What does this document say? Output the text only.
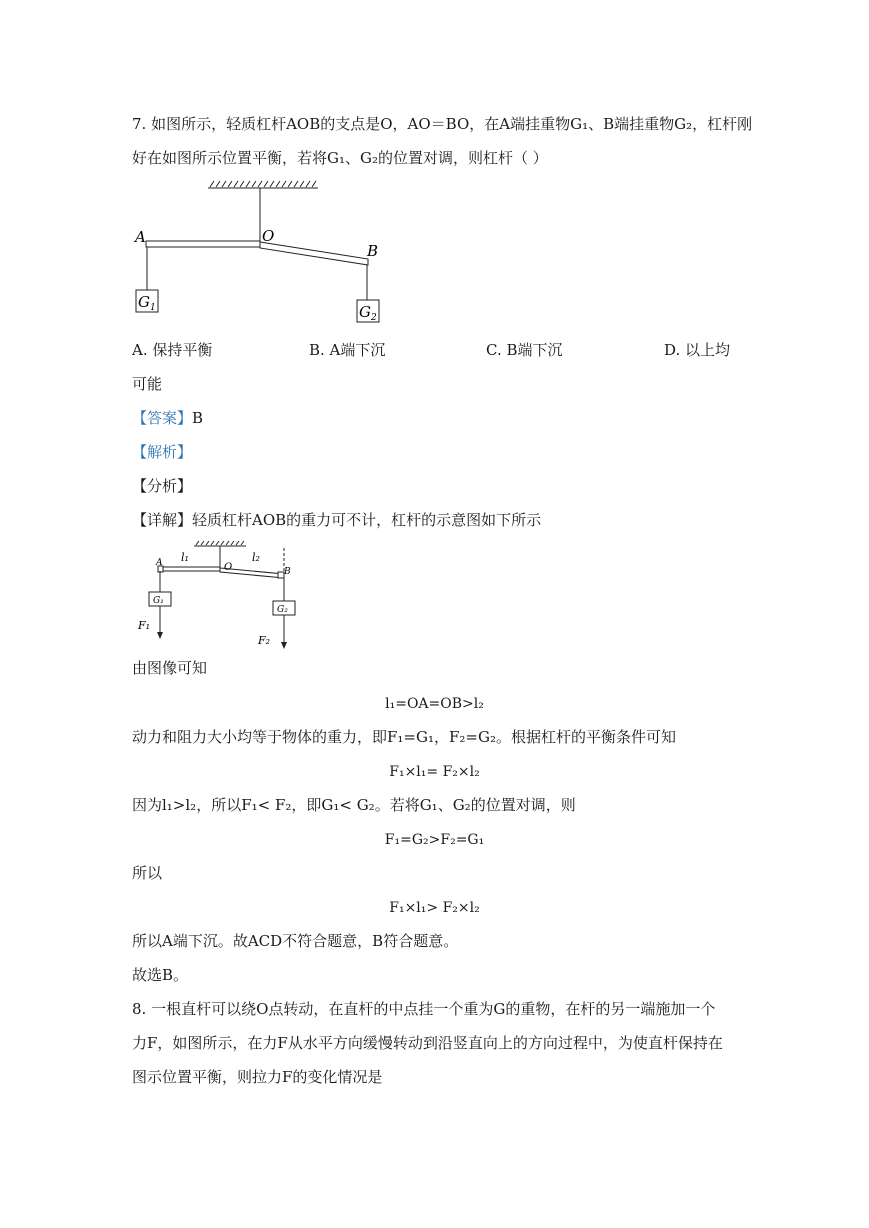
7. 如图所示，轻质杠杆AOB的支点是O，AO＝BO，在A端挂重物G₁、B端挂重物G₂，杠杆刚
好在如图所示位置平衡，若将G₁、G₂的位置对调，则杠杆（ ）
A	O
B
$G_1$	$G_2$
A. 保持平衡	B. A端下沉	C. B端下沉	D. 以上均
可能
【答案】B
【解析】
【分析】
【详解】轻质杠杆AOB的重力可不计，杠杆的示意图如下所示
A	O	B
l₁	l₂
G₁
G₂
F₁
F₂
由图像可知
l₁=OA=OB>l₂
动力和阻力大小均等于物体的重力，即F₁=G₁，F₂=G₂。根据杠杆的平衡条件可知
F₁×l₁= F₂×l₂
因为l₁>l₂，所以F₁< F₂，即G₁< G₂。若将G₁、G₂的位置对调，则
F₁=G₂>F₂=G₁
所以
F₁×l₁> F₂×l₂
所以A端下沉。故ACD不符合题意，B符合题意。
故选B。
8. 一根直杆可以绕O点转动，在直杆的中点挂一个重为G的重物，在杆的另一端施加一个
力F，如图所示，在力F从水平方向缓慢转动到沿竖直向上的方向过程中，为使直杆保持在
图示位置平衡，则拉力F的变化情况是
